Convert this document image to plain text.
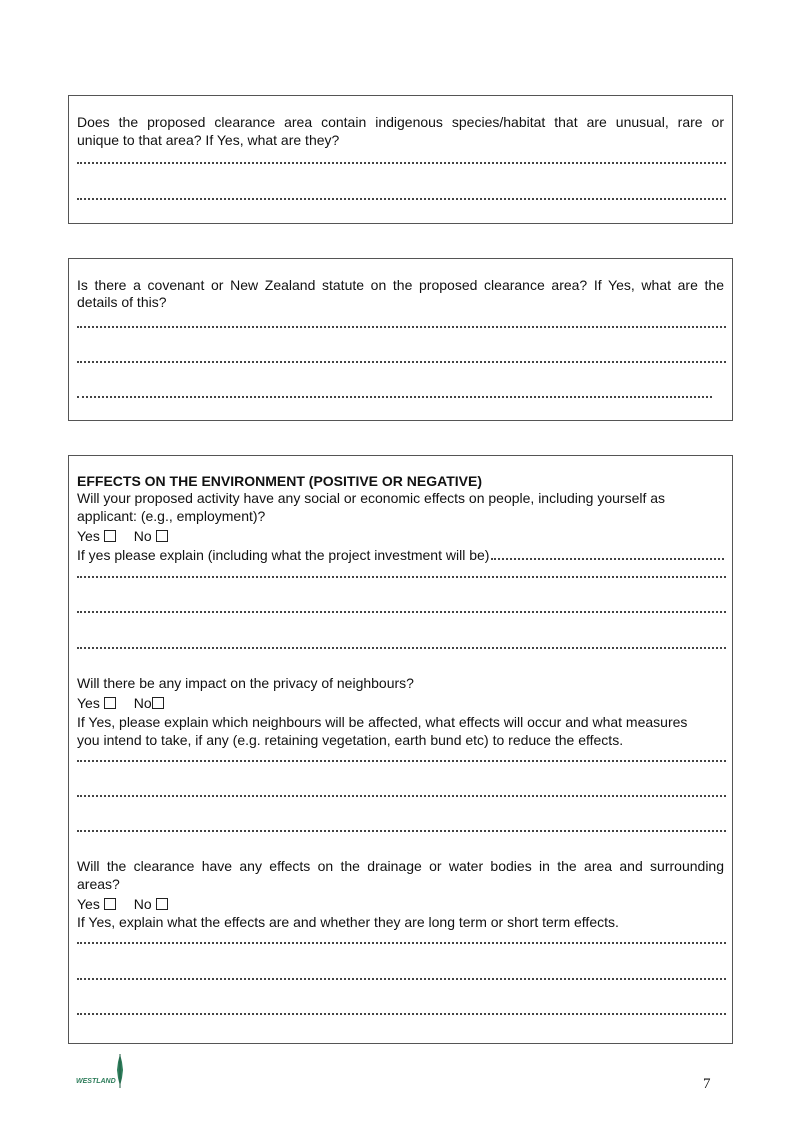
Does the proposed clearance area contain indigenous species/habitat that are unusual, rare or
unique to that area? If Yes, what are they?
Is there a covenant or New Zealand statute on the proposed clearance area? If Yes, what are the
details of this?
EFFECTS ON THE ENVIRONMENT (POSITIVE OR NEGATIVE)
Will your proposed activity have any social or economic effects on people, including yourself as
applicant: (e.g., employment)?
Yes No
If yes please explain (including what the project investment will be)
Will there be any impact on the privacy of neighbours?
Yes No
If Yes, please explain which neighbours will be affected, what effects will occur and what measures
you intend to take, if any (e.g. retaining vegetation, earth bund etc) to reduce the effects.
Will the clearance have any effects on the drainage or water bodies in the area and surrounding
areas?
Yes No
If Yes, explain what the effects are and whether they are long term or short term effects.
WESTLAND	7
